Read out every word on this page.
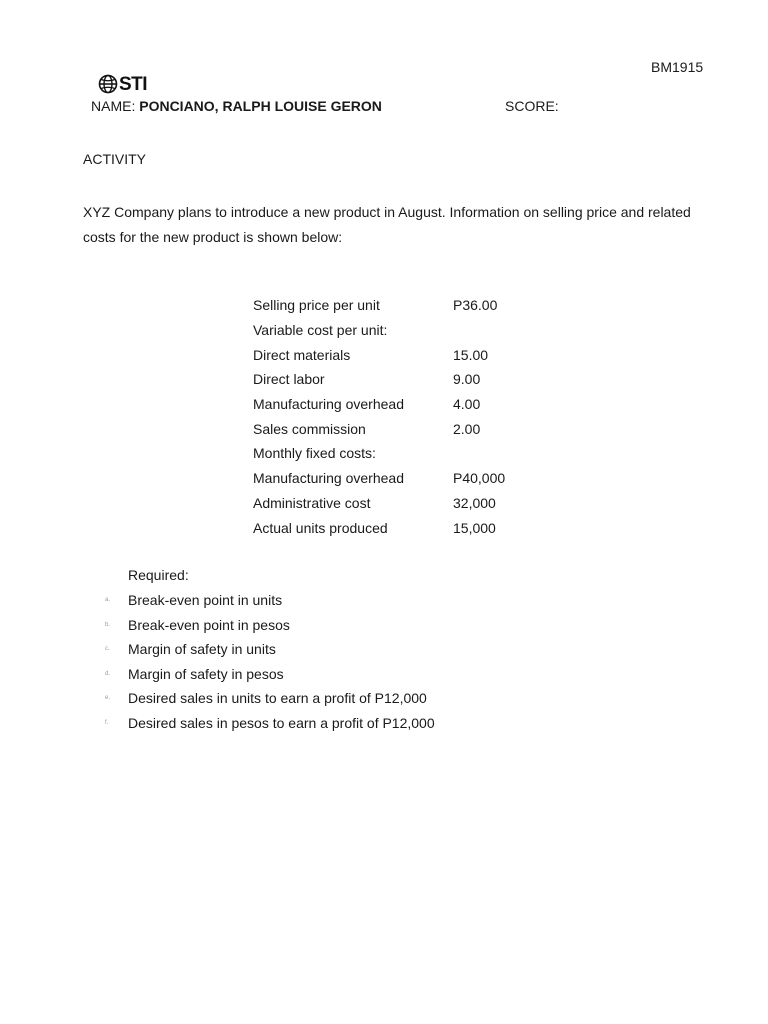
BM1915
STI
NAME: PONCIANO, RALPH LOUISE GERON	SCORE:
ACTIVITY

XYZ Company plans to introduce a new product in August. Information on selling price and related costs for the new product is shown below:

Selling price per unit	P36.00
Variable cost per unit:	
Direct materials	15.00
Direct labor	9.00
Manufacturing overhead	4.00
Sales commission	2.00
Monthly fixed costs:	
Manufacturing overhead	P40,000
Administrative cost	32,000
Actual units produced	15,000
Required:
a. Break-even point in units
b. Break-even point in pesos
c. Margin of safety in units
d. Margin of safety in pesos
e. Desired sales in units to earn a profit of P12,000
f. Desired sales in pesos to earn a profit of P12,000
